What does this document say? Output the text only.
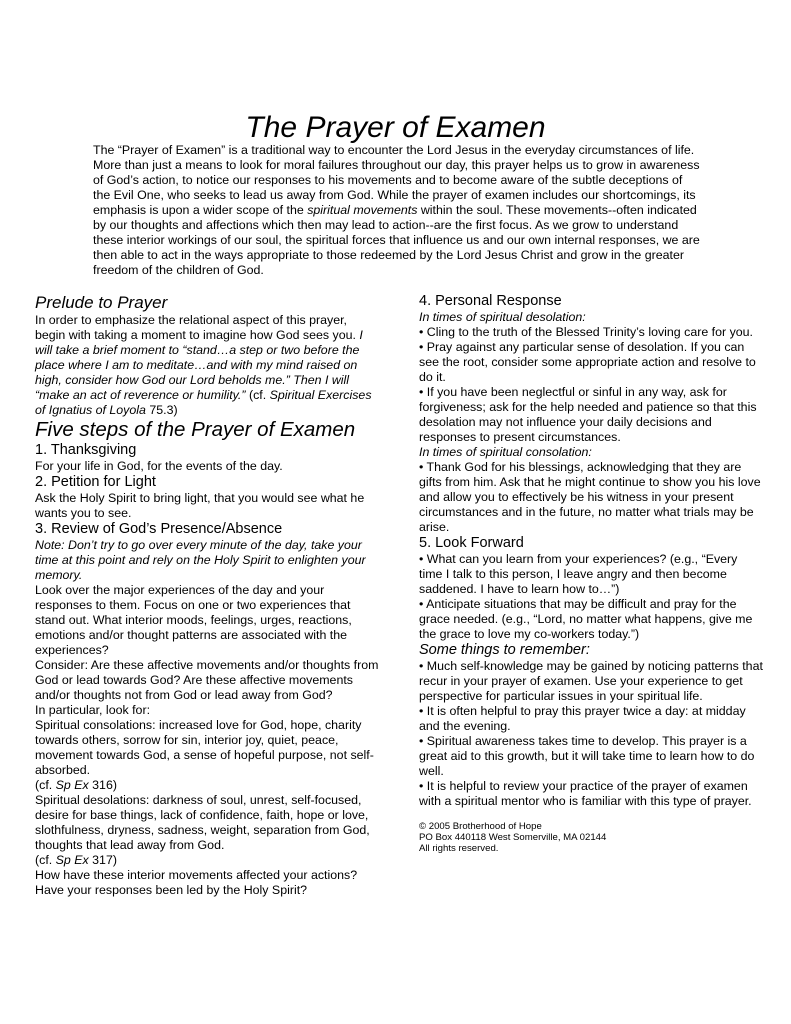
The Prayer of Examen
The “Prayer of Examen” is a traditional way to encounter the Lord Jesus in the everyday circumstances of life. More than just a means to look for moral failures throughout our day, this prayer helps us to grow in awareness of God’s action, to notice our responses to his movements and to become aware of the subtle deceptions of the Evil One, who seeks to lead us away from God. While the prayer of examen includes our shortcomings, its emphasis is upon a wider scope of the spiritual movements within the soul. These movements--often indicated by our thoughts and affections which then may lead to action--are the first focus. As we grow to understand these interior workings of our soul, the spiritual forces that influence us and our own internal responses, we are then able to act in the ways appropriate to those redeemed by the Lord Jesus Christ and grow in the greater freedom of the children of God.
Prelude to Prayer

In order to emphasize the relational aspect of this prayer, begin with taking a moment to imagine how God sees you. I will take a brief moment to “stand…a step or two before the place where I am to meditate…and with my mind raised on high, consider how God our Lord beholds me.” Then I will “make an act of reverence or humility.” (cf. Spiritual Exercises of Ignatius of Loyola 75.3)

Five steps of the Prayer of Examen
1. Thanksgiving

For your life in God, for the events of the day.

2. Petition for Light

Ask the Holy Spirit to bring light, that you would see what he wants you to see.

3. Review of God’s Presence/Absence

Note: Don’t try to go over every minute of the day, take your time at this point and rely on the Holy Spirit to enlighten your memory.

Look over the major experiences of the day and your responses to them. Focus on one or two experiences that stand out. What interior moods, feelings, urges, reactions, emotions and/or thought patterns are associated with the experiences?

Consider: Are these affective movements and/or thoughts from God or lead towards God? Are these affective movements and/or thoughts not from God or lead away from God?

In particular, look for:

Spiritual consolations: increased love for God, hope, charity towards others, sorrow for sin, interior joy, quiet, peace, movement towards God, a sense of hopeful purpose, not self-absorbed.

(cf. Sp Ex 316)

Spiritual desolations: darkness of soul, unrest, self-focused, desire for base things, lack of confidence, faith, hope or love, slothfulness, dryness, sadness, weight, separation from God, thoughts that lead away from God.

(cf. Sp Ex 317)

How have these interior movements affected your actions? Have your responses been led by the Holy Spirit?

4. Personal Response

In times of spiritual desolation:

• Cling to the truth of the Blessed Trinity’s loving care for you.

• Pray against any particular sense of desolation. If you can see the root, consider some appropriate action and resolve to do it.

• If you have been neglectful or sinful in any way, ask for forgiveness; ask for the help needed and patience so that this desolation may not influence your daily decisions and responses to present circumstances.

In times of spiritual consolation:

• Thank God for his blessings, acknowledging that they are gifts from him. Ask that he might continue to show you his love and allow you to effectively be his witness in your present circumstances and in the future, no matter what trials may be arise.

5. Look Forward

• What can you learn from your experiences? (e.g., “Every time I talk to this person, I leave angry and then become saddened. I have to learn how to…”)

• Anticipate situations that may be difficult and pray for the grace needed. (e.g., “Lord, no matter what happens, give me the grace to love my co-workers today.”)

Some things to remember:

• Much self-knowledge may be gained by noticing patterns that recur in your prayer of examen. Use your experience to get perspective for particular issues in your spiritual life.

• It is often helpful to pray this prayer twice a day: at midday and the evening.

• Spiritual awareness takes time to develop. This prayer is a great aid to this growth, but it will take time to learn how to do well.

• It is helpful to review your practice of the prayer of examen with a spiritual mentor who is familiar with this type of prayer.

© 2005 Brotherhood of Hope

PO Box 440118 West Somerville, MA 02144

All rights reserved.
